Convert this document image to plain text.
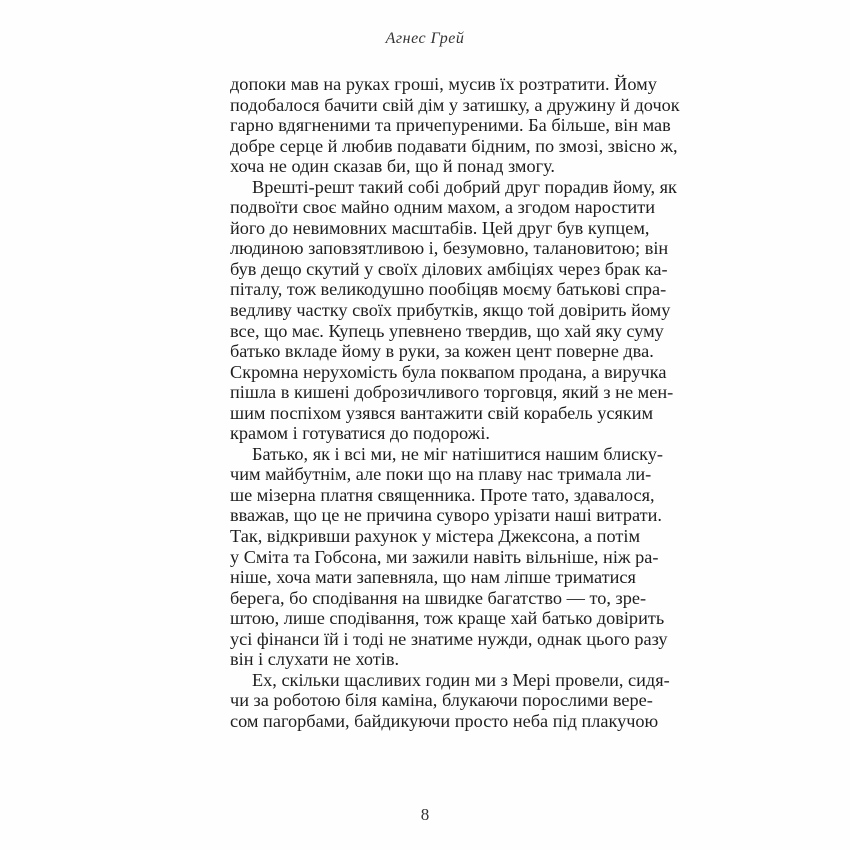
Агнес Грей
допоки мав на руках гроші, мусив їх розтратити. Йому
подобалося бачити свій дім у затишку, а дружину й дочок
гарно вдягненими та причепуреними. Ба більше, він мав
добре серце й любив подавати бідним, по змозі, звісно ж,
хоча не один сказав би, що й понад змогу.
Врешті-решт такий собі добрий друг порадив йому, як
подвоїти своє майно одним махом, а згодом наростити
його до невимовних масштабів. Цей друг був купцем,
людиною заповзятливою і, безумовно, талановитою; він
був дещо скутий у своїх ділових амбіціях через брак ка-
піталу, тож великодушно пообіцяв моєму батькові спра-
ведливу частку своїх прибутків, якщо той довірить йому
все, що має. Купець упевнено твердив, що хай яку суму
батько вкладе йому в руки, за кожен цент поверне два.
Скромна нерухомість була поквапом продана, а виручка
пішла в кишені доброзичливого торговця, який з не мен-
шим поспіхом узявся вантажити свій корабель усяким
крамом і готуватися до подорожі.
Батько, як і всі ми, не міг натішитися нашим блиску-
чим майбутнім, але поки що на плаву нас тримала ли-
ше мізерна платня священника. Проте тато, здавалося,
вважав, що це не причина суворо урізати наші витрати.
Так, відкривши рахунок у містера Джексона, а потім
у Сміта та Гобсона, ми зажили навіть вільніше, ніж ра-
ніше, хоча мати запевняла, що нам ліпше триматися
берега, бо сподівання на швидке багатство — то, зре-
штою, лише сподівання, тож краще хай батько довірить
усі фінанси їй і тоді не знатиме нужди, однак цього разу
він і слухати не хотів.
Ех, скільки щасливих годин ми з Мері провели, сидя-
чи за роботою біля каміна, блукаючи порослими вере-
сом пагорбами, байдикуючи просто неба під плакучою
8
